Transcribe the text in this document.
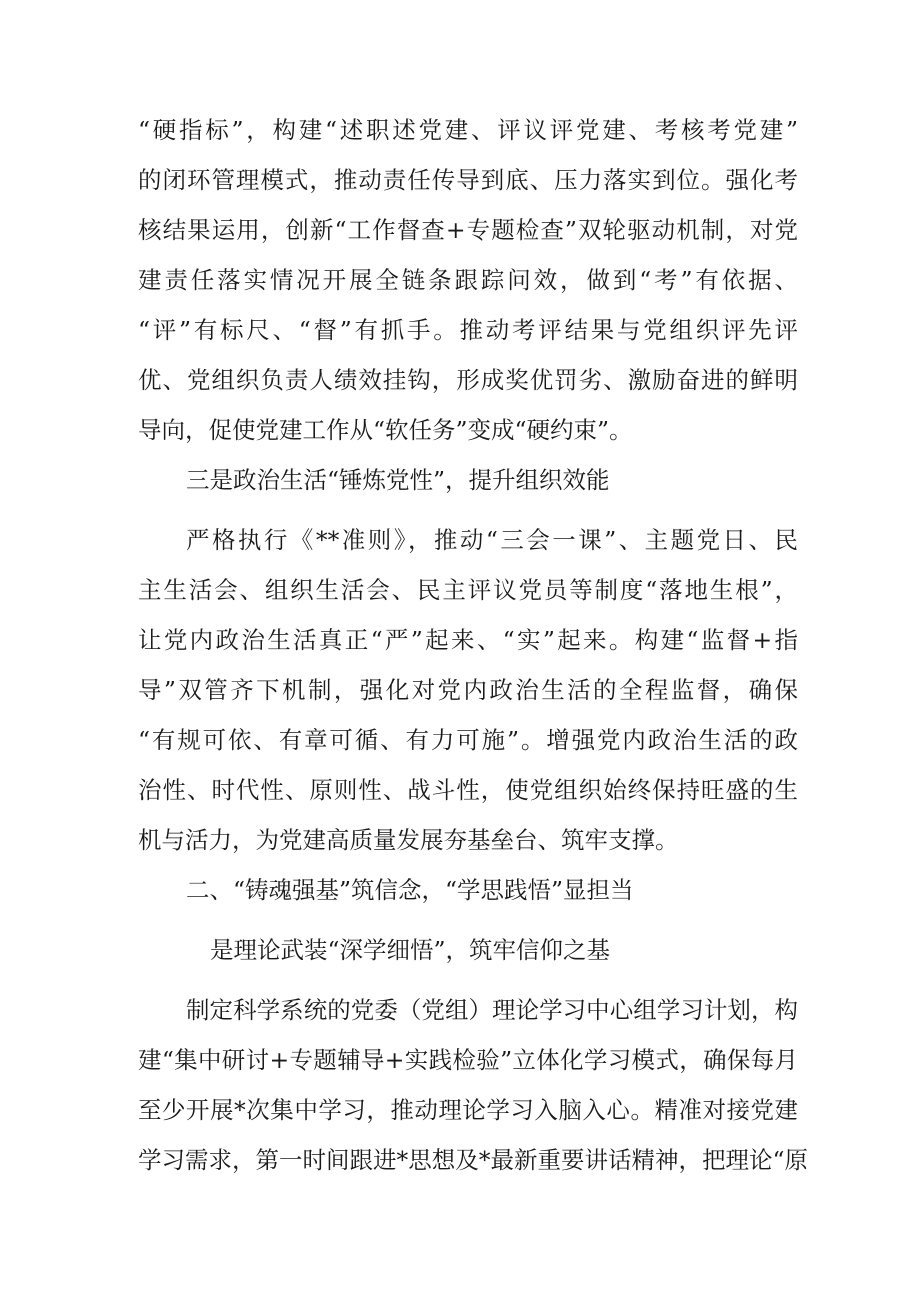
“硬指标”，构建“述职述党建、评议评党建、考核考党建”
的闭环管理模式，推动责任传导到底、压力落实到位。强化考
核结果运用，创新“工作督查+专题检查”双轮驱动机制，对党
建责任落实情况开展全链条跟踪问效，做到“考”有依据、
“评”有标尺、“督”有抓手。推动考评结果与党组织评先评
优、党组织负责人绩效挂钩，形成奖优罚劣、激励奋进的鲜明
导向，促使党建工作从“软任务”变成“硬约束”。
三是政治生活“锤炼党性”，提升组织效能
严格执行《**准则》，推动“三会一课”、主题党日、民
主生活会、组织生活会、民主评议党员等制度“落地生根”，
让党内政治生活真正“严”起来、“实”起来。构建“监督+指
导”双管齐下机制，强化对党内政治生活的全程监督，确保
“有规可依、有章可循、有力可施”。增强党内政治生活的政
治性、时代性、原则性、战斗性，使党组织始终保持旺盛的生
机与活力，为党建高质量发展夯基垒台、筑牢支撑。
二、“铸魂强基”筑信念，“学思践悟”显担当
是理论武装“深学细悟”，筑牢信仰之基
制定科学系统的党委（党组）理论学习中心组学习计划，构
建“集中研讨+专题辅导+实践检验”立体化学习模式，确保每月
至少开展*次集中学习，推动理论学习入脑入心。精准对接党建
学习需求，第一时间跟进*思想及*最新重要讲话精神，把理论“原
